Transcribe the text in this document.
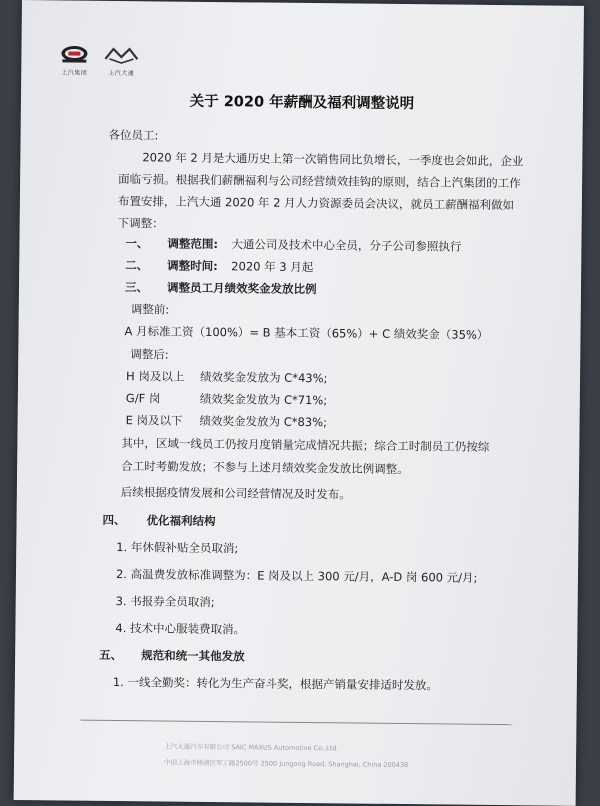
上汽集团	上汽大通
关于 2020 年薪酬及福利调整说明
各位员工:
2020 年 2 月是大通历史上第一次销售同比负增长，一季度也会如此，企业
面临亏损。根据我们薪酬福利与公司经营绩效挂钩的原则，结合上汽集团的工作
布置安排，上汽大通 2020 年 2 月人力资源委员会决议，就员工薪酬福利做如
下调整：
一、 调整范围: 大通公司及技术中心全员，分子公司参照执行
二、 调整时间: 2020 年 3 月起
三、 调整员工月绩效奖金发放比例
调整前:
A 月标准工资（100%）= B 基本工资（65%）+ C 绩效奖金（35%）
调整后:
H 岗及以上 绩效奖金发放为 C*43%;
G/F 岗	绩效奖金发放为 C*71%;
E 岗及以下 绩效奖金发放为 C*83%;
其中，区域一线员工仍按月度销量完成情况共振；综合工时制员工仍按综
合工时考勤发放；不参与上述月绩效奖金发放比例调整。
后续根据疫情发展和公司经营情况及时发布。
四、 优化福利结构
1. 年休假补贴全员取消;
2. 高温费发放标准调整为：E 岗及以上 300 元/月，A-D 岗 600 元/月;
3. 书报券全员取消;
4. 技术中心服装费取消。
五、 规范和统一其他发放
1. 一线全勤奖：转化为生产奋斗奖，根据产销量安排适时发放。
上汽大通汽车有限公司 SAIC MAXUS Automotive Co.,Ltd.
中国上海市杨浦区军工路2500号 2500 Jungong Road, Shanghai, China 200438
